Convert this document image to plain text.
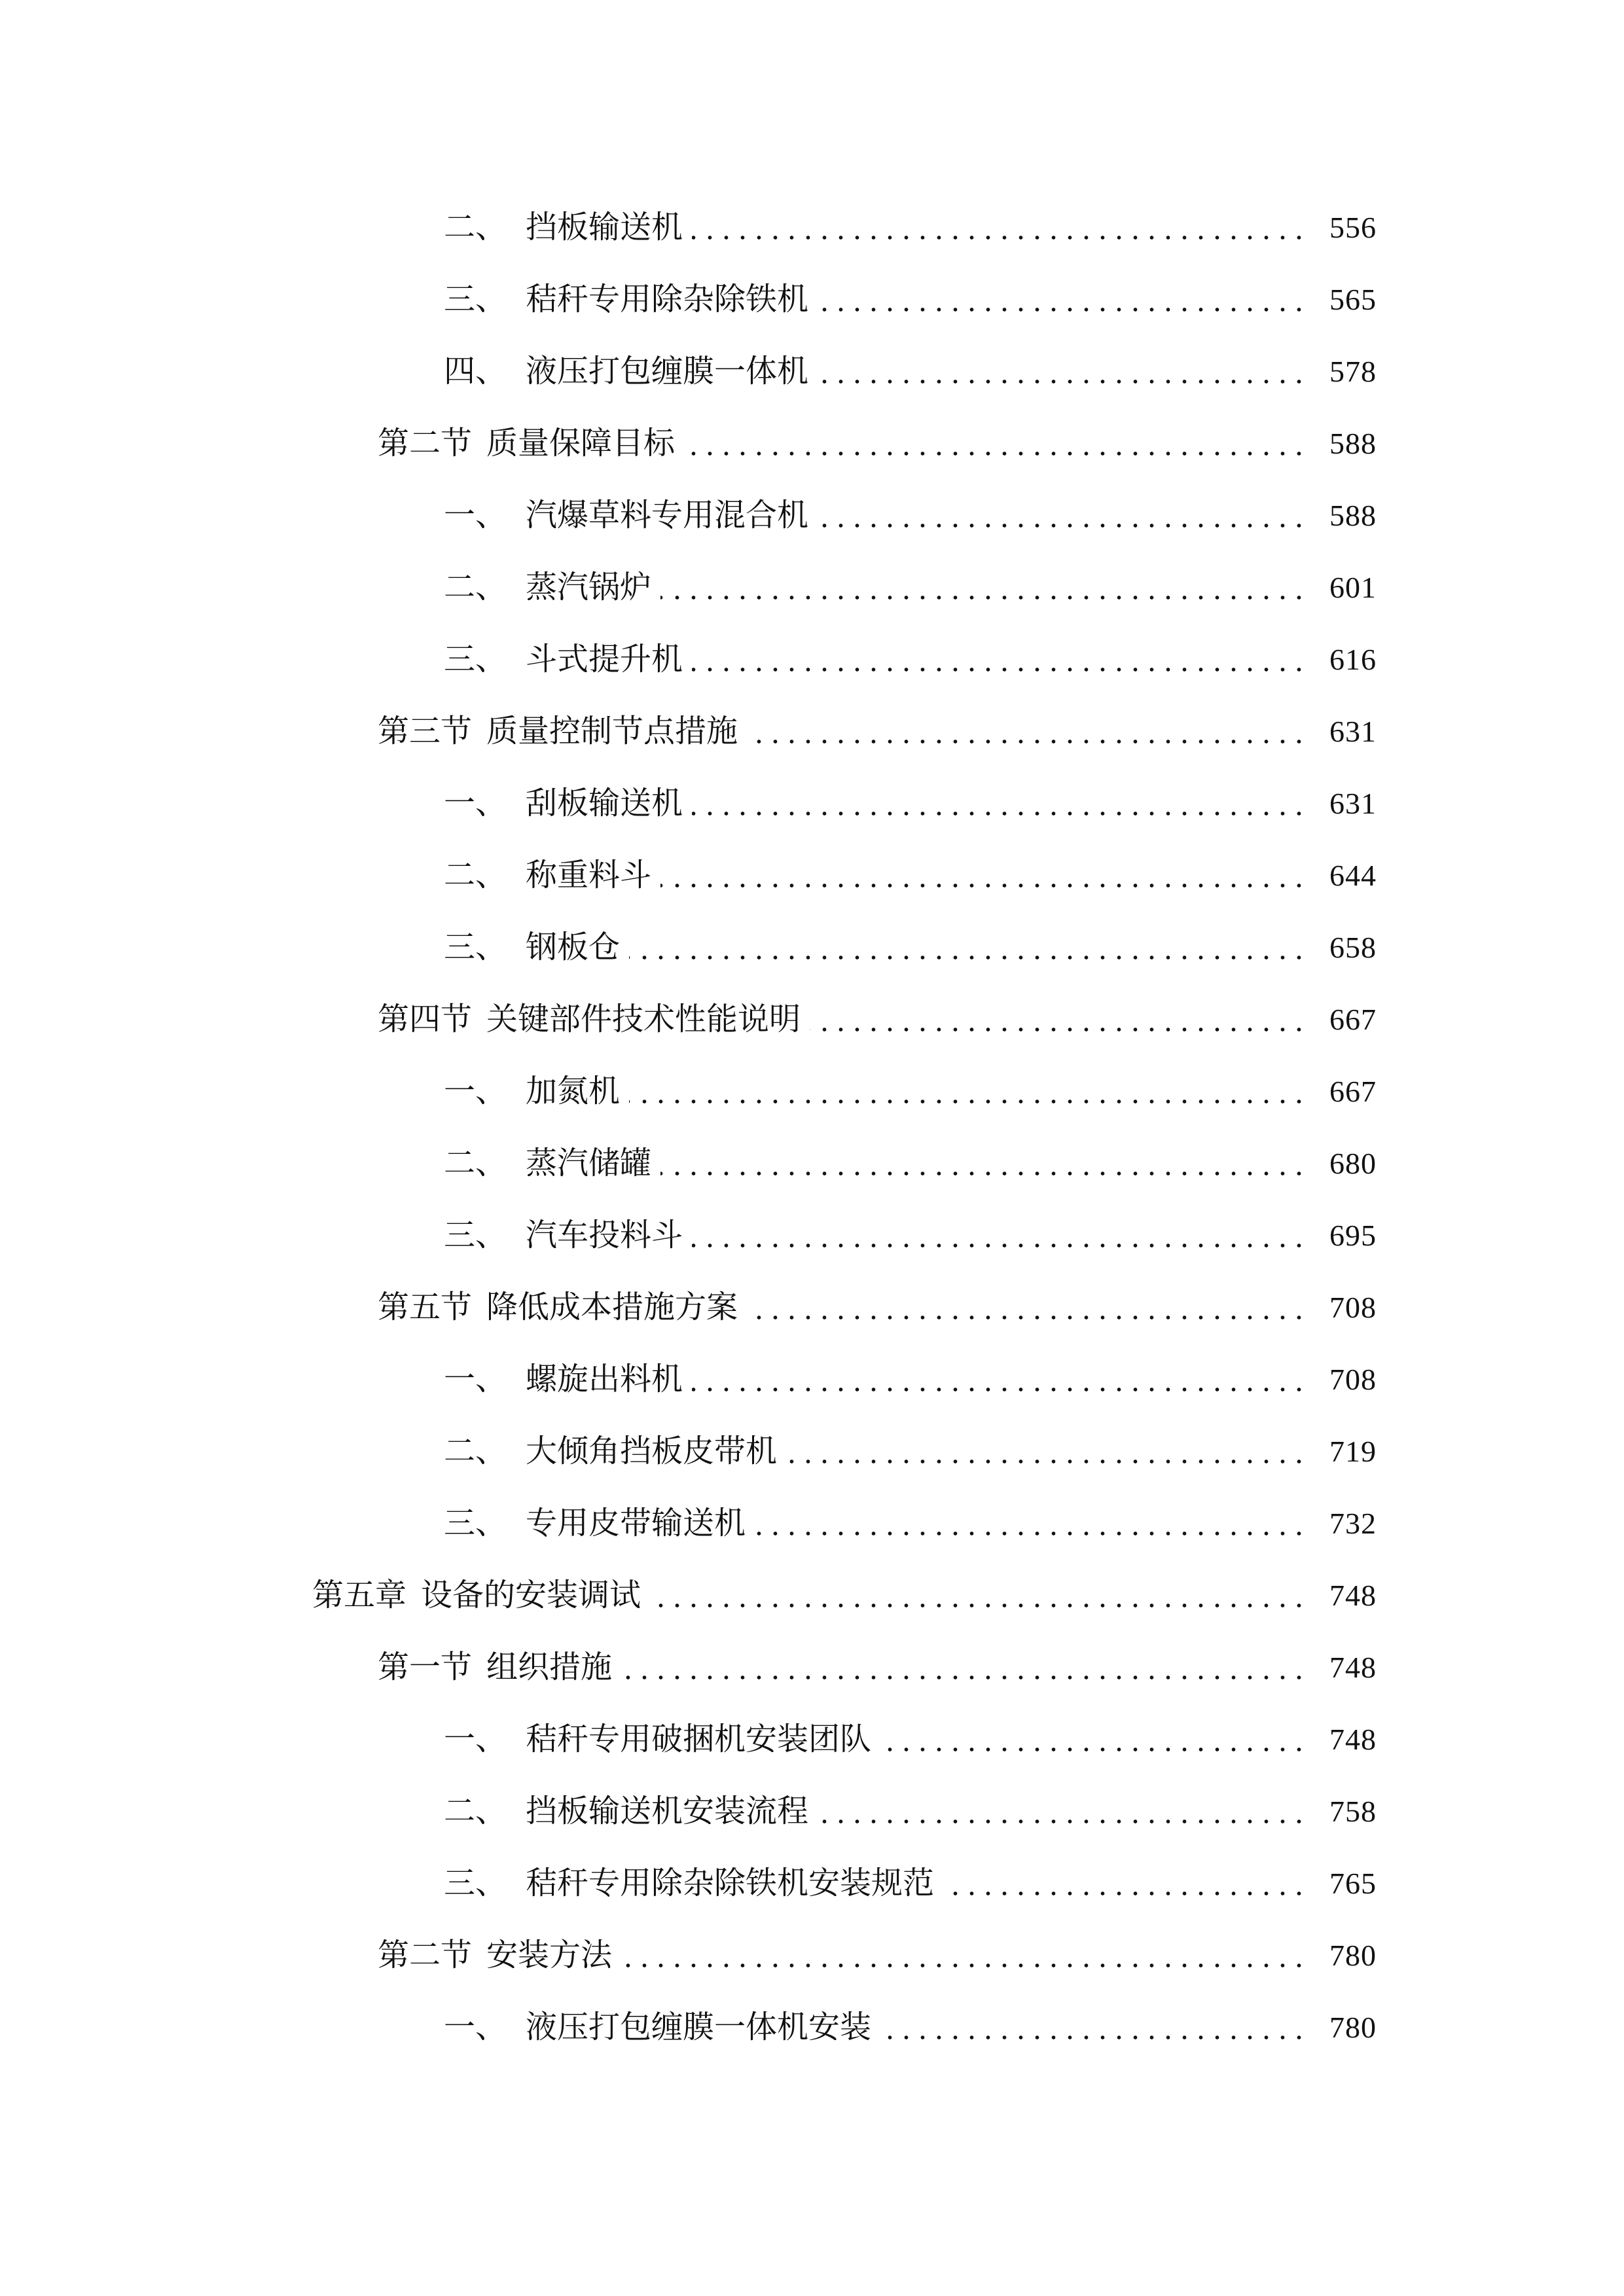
二、 挡板输送机	556
三、 秸秆专用除杂除铁机	565
四、 液压打包缠膜一体机	578
第二节 质量保障目标	588
一、 汽爆草料专用混合机	588
二、 蒸汽锅炉	601
三、 斗式提升机	616
第三节 质量控制节点措施	631
一、 刮板输送机	631
二、 称重料斗	644
三、 钢板仓	658
第四节 关键部件技术性能说明	667
一、 加氮机	667
二、 蒸汽储罐	680
三、 汽车投料斗	695
第五节 降低成本措施方案	708
一、 螺旋出料机	708
二、 大倾角挡板皮带机	719
三、 专用皮带输送机	732
第五章 设备的安装调试	748
第一节 组织措施	748
一、 秸秆专用破捆机安装团队	748
二、 挡板输送机安装流程	758
三、 秸秆专用除杂除铁机安装规范	765
第二节 安装方法	780
一、 液压打包缠膜一体机安装	780
